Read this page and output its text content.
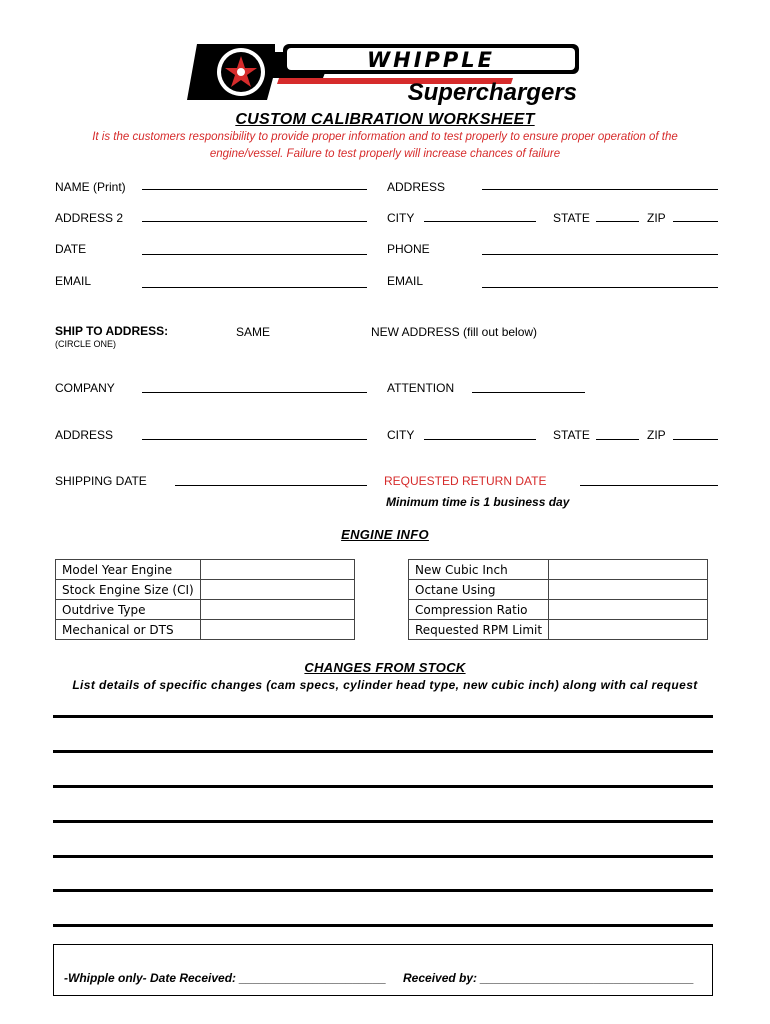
WHIPPLE
Superchargers
CUSTOM CALIBRATION WORKSHEET
It is the customers responsibility to provide proper information and to test properly to ensure proper operation of the
engine/vessel. Failure to test properly will increase chances of failure
NAME (Print)	ADDRESS
ADDRESS 2	CITY	STATE	ZIP
DATE	PHONE
EMAIL	EMAIL
SHIP TO ADDRESS:
(CIRCLE ONE)
SAME	NEW ADDRESS (fill out below)
COMPANY	ATTENTION
ADDRESS	CITY	STATE	ZIP
SHIPPING DATE	REQUESTED RETURN DATE
Minimum time is 1 business day
ENGINE INFO
Model Year Engine	
Stock Engine Size (CI)	
Outdrive Type	
Mechanical or DTS	
New Cubic Inch	
Octane Using	
Compression Ratio	
Requested RPM Limit	
CHANGES FROM STOCK
List details of specific changes (cam specs, cylinder head type, new cubic inch) along with cal request
-Whipple only- Date Received: ______________________ Received by: ________________________________
